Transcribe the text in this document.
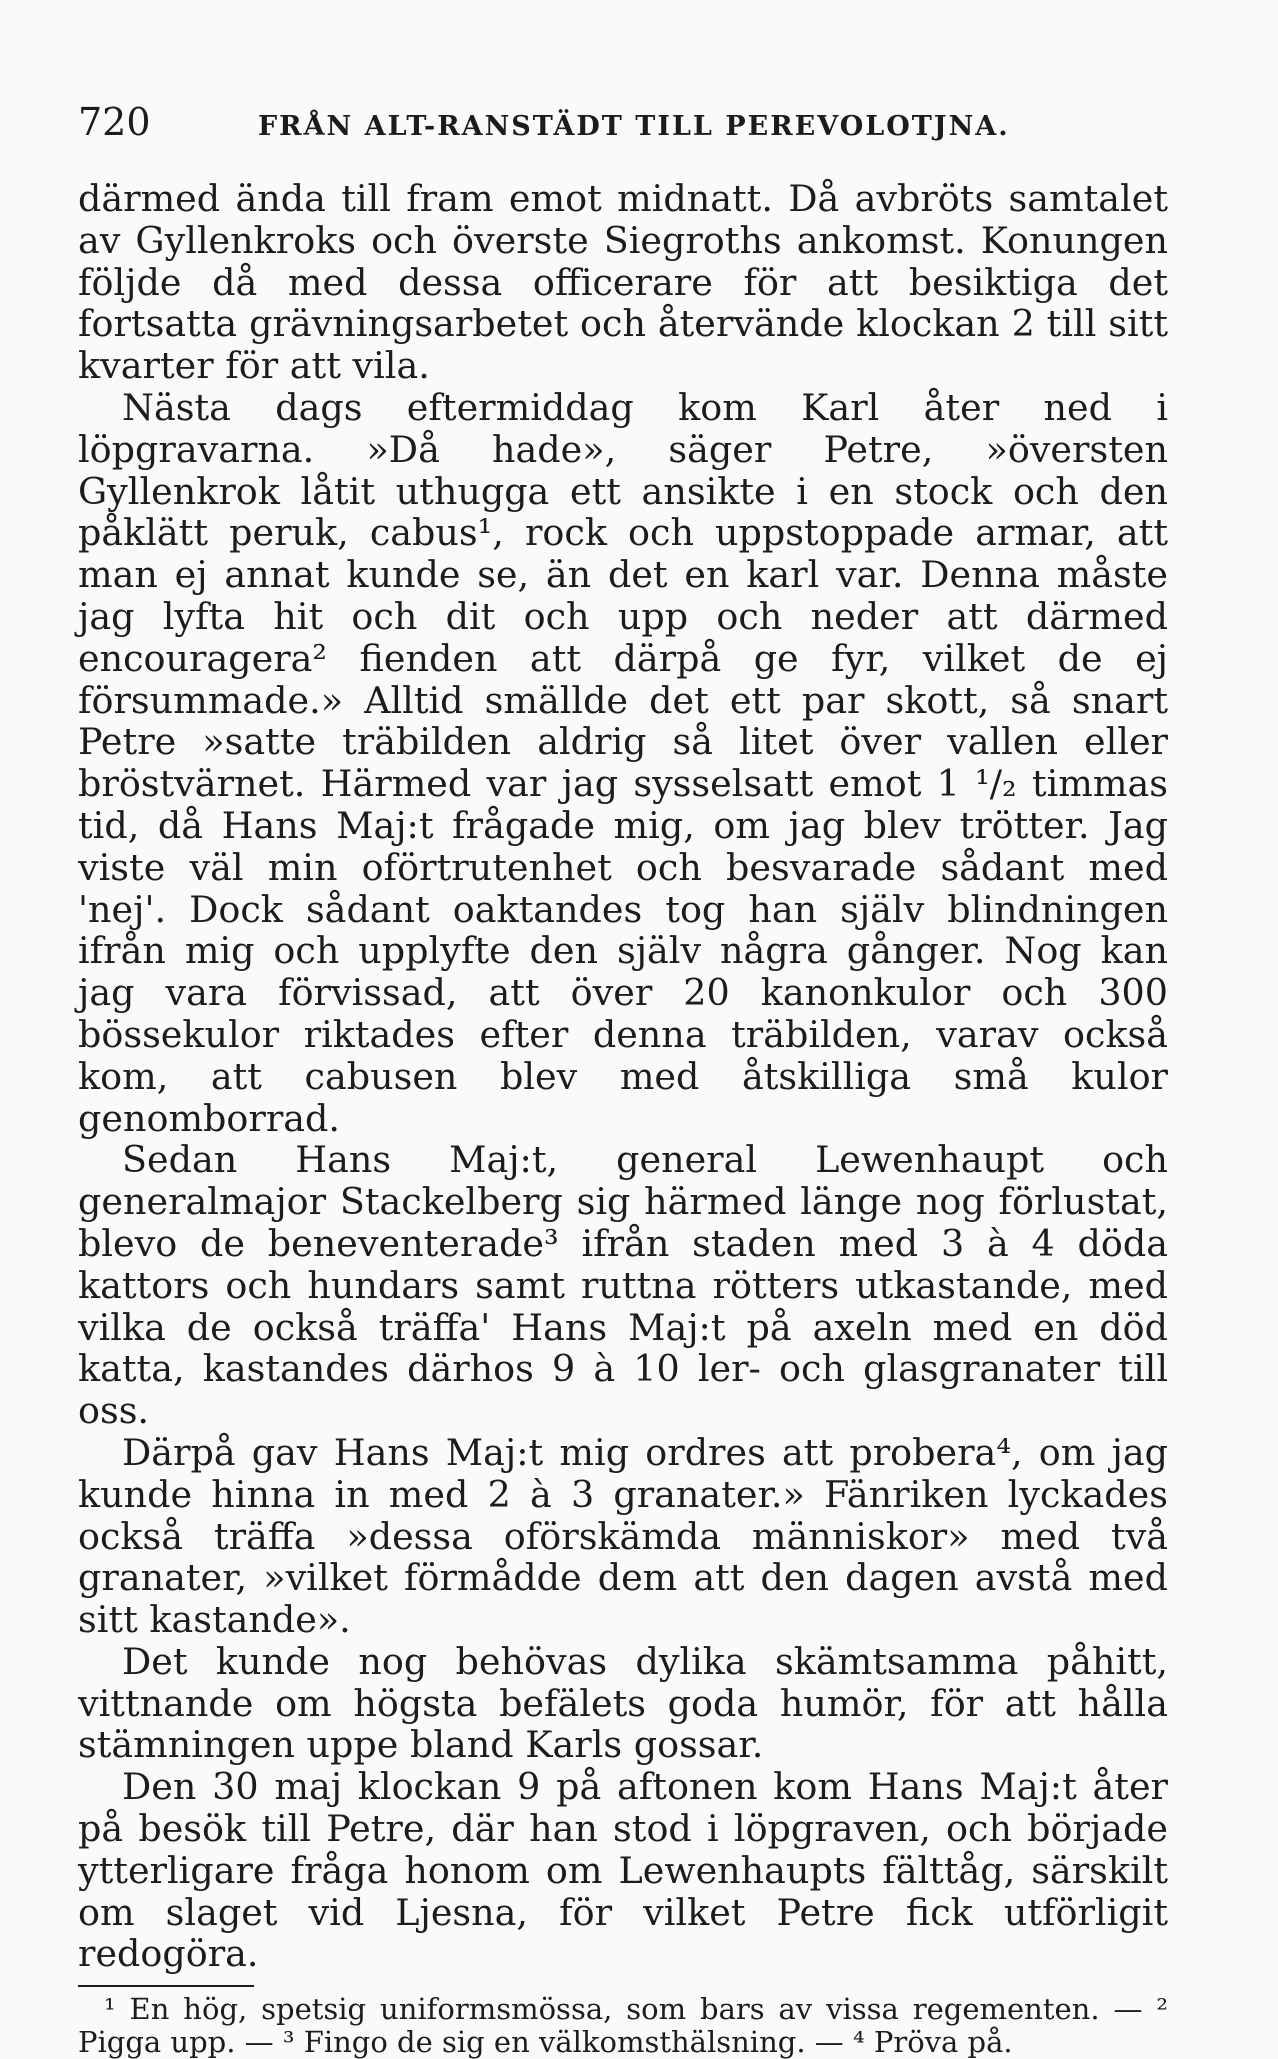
720	FRÅN ALT-RANSTÄDT TILL PEREVOLOTJNA.

därmed ända till fram emot midnatt. Då avbröts samtalet av Gyllenkroks och överste Siegroths ankomst. Konungen följde då med dessa officerare för att besiktiga det fortsatta grävningsarbetet och återvände klockan 2 till sitt kvarter för att vila.

Nästa dags eftermiddag kom Karl åter ned i löpgravarna. »Då hade», säger Petre, »översten Gyllenkrok låtit uthugga ett ansikte i en stock och den påklätt peruk, cabus¹, rock och uppstoppade armar, att man ej annat kunde se, än det en karl var. Denna måste jag lyfta hit och dit och upp och neder att därmed encouragera² fienden att därpå ge fyr, vilket de ej försummade.» Alltid smällde det ett par skott, så snart Petre »satte träbilden aldrig så litet över vallen eller bröstvärnet. Härmed var jag sysselsatt emot 1 ¹/₂ timmas tid, då Hans Maj:t frågade mig, om jag blev trötter. Jag viste väl min oförtrutenhet och besvarade sådant med 'nej'. Dock sådant oaktandes tog han själv blindningen ifrån mig och upplyfte den själv några gånger. Nog kan jag vara förvissad, att över 20 kanonkulor och 300 bössekulor riktades efter denna träbilden, varav också kom, att cabusen blev med åtskilliga små kulor genomborrad.

Sedan Hans Maj:t, general Lewenhaupt och generalmajor Stackelberg sig härmed länge nog förlustat, blevo de beneventerade³ ifrån staden med 3 à 4 döda kattors och hundars samt ruttna rötters utkastande, med vilka de också träffa' Hans Maj:t på axeln med en död katta, kastandes därhos 9 à 10 ler- och glasgranater till oss.

Därpå gav Hans Maj:t mig ordres att probera⁴, om jag kunde hinna in med 2 à 3 granater.» Fänriken lyckades också träffa »dessa oförskämda människor» med två granater, »vilket förmådde dem att den dagen avstå med sitt kastande».

Det kunde nog behövas dylika skämtsamma påhitt, vittnande om högsta befälets goda humör, för att hålla stämningen uppe bland Karls gossar.

Den 30 maj klockan 9 på aftonen kom Hans Maj:t åter på besök till Petre, där han stod i löpgraven, och började ytterligare fråga honom om Lewenhaupts fälttåg, särskilt om slaget vid Ljesna, för vilket Petre fick utförligit redogöra.

¹ En hög, spetsig uniformsmössa, som bars av vissa regementen. — ² Pigga upp. — ³ Fingo de sig en välkomsthälsning. — ⁴ Pröva på.
